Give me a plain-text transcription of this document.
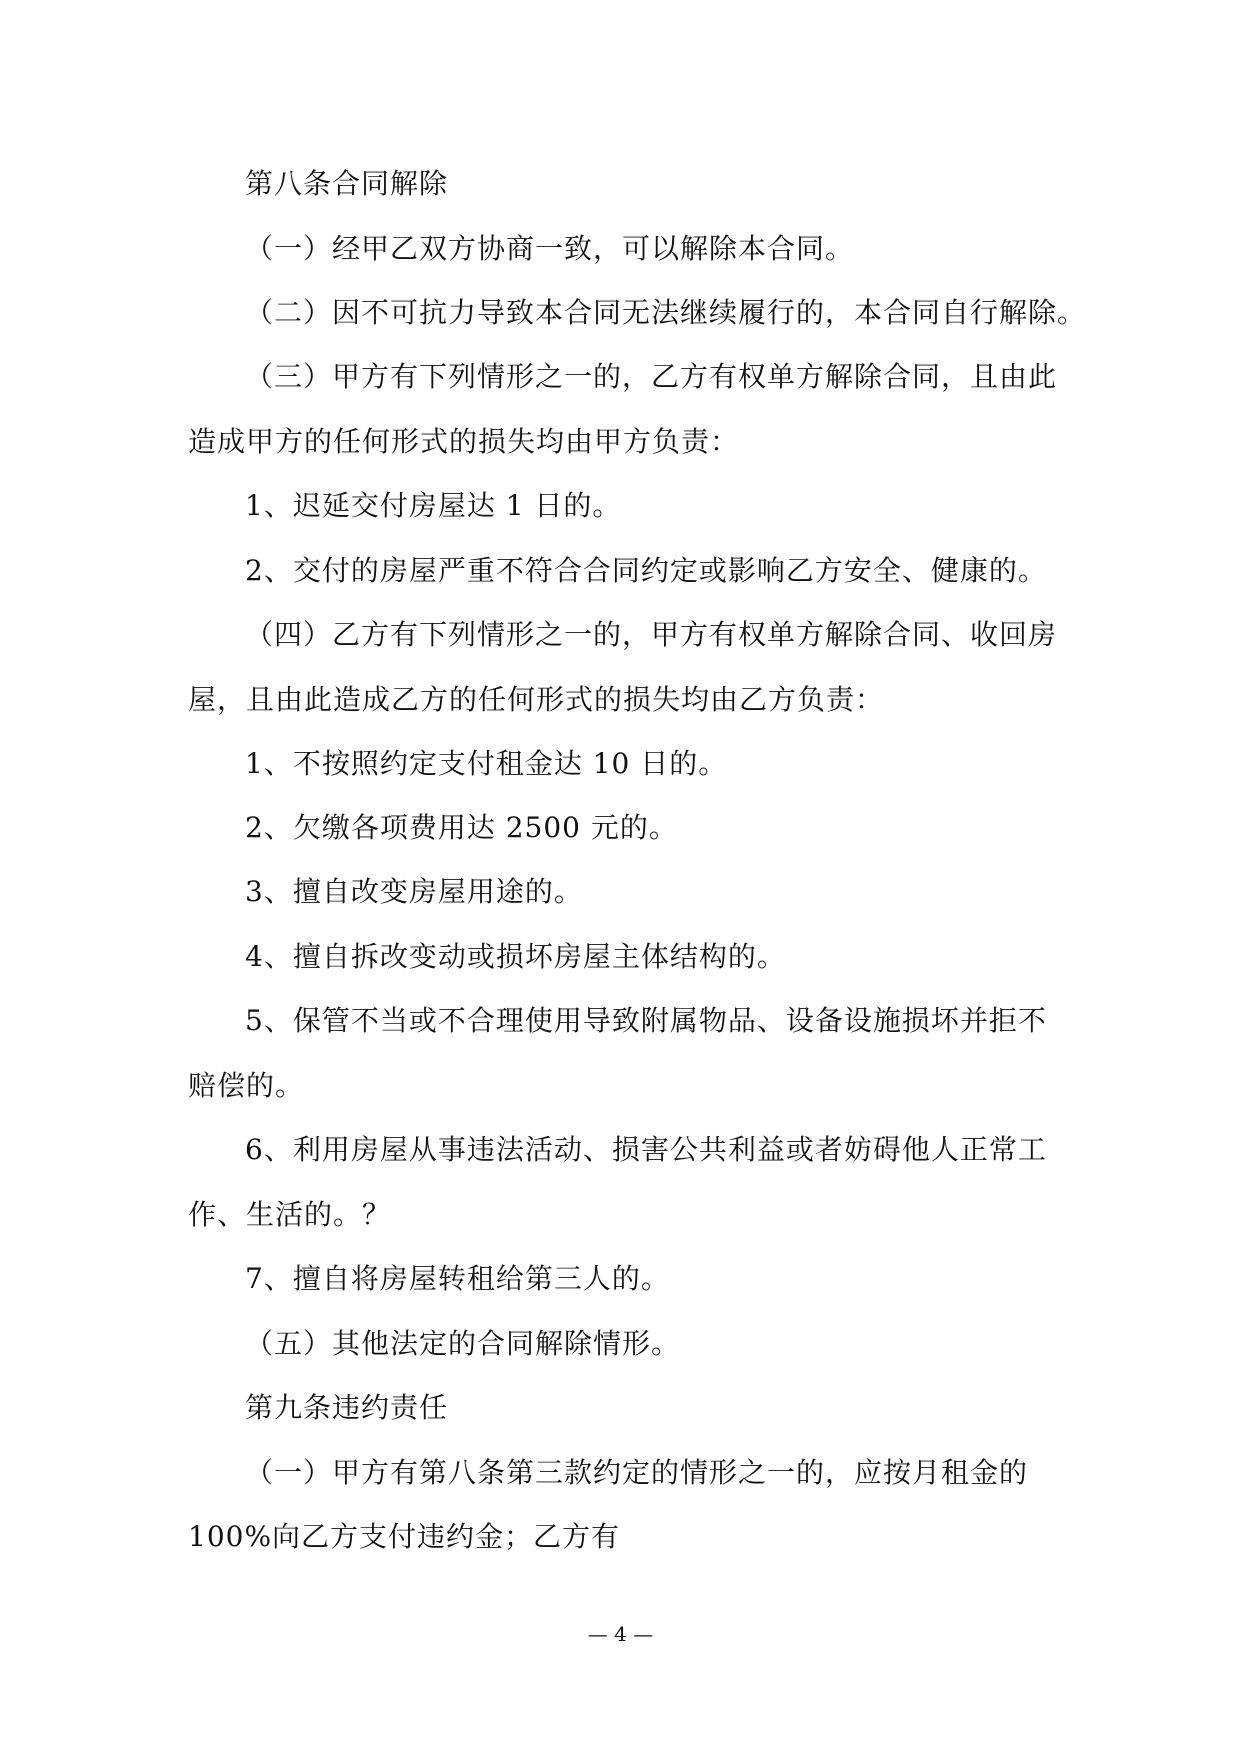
第八条合同解除
（一）经甲乙双方协商一致，可以解除本合同。
（二）因不可抗力导致本合同无法继续履行的，本合同自行解除。
（三）甲方有下列情形之一的，乙方有权单方解除合同，且由此
造成甲方的任何形式的损失均由甲方负责：
1、迟延交付房屋达 1 日的。
2、交付的房屋严重不符合合同约定或影响乙方安全、健康的。
（四）乙方有下列情形之一的，甲方有权单方解除合同、收回房
屋，且由此造成乙方的任何形式的损失均由乙方负责：
1、不按照约定支付租金达 10 日的。
2、欠缴各项费用达 2500 元的。
3、擅自改变房屋用途的。
4、擅自拆改变动或损坏房屋主体结构的。
5、保管不当或不合理使用导致附属物品、设备设施损坏并拒不
赔偿的。
6、利用房屋从事违法活动、损害公共利益或者妨碍他人正常工
作、生活的。？
7、擅自将房屋转租给第三人的。
（五）其他法定的合同解除情形。
第九条违约责任
（一）甲方有第八条第三款约定的情形之一的，应按月租金的
100%向乙方支付违约金；乙方有
— 4 —
